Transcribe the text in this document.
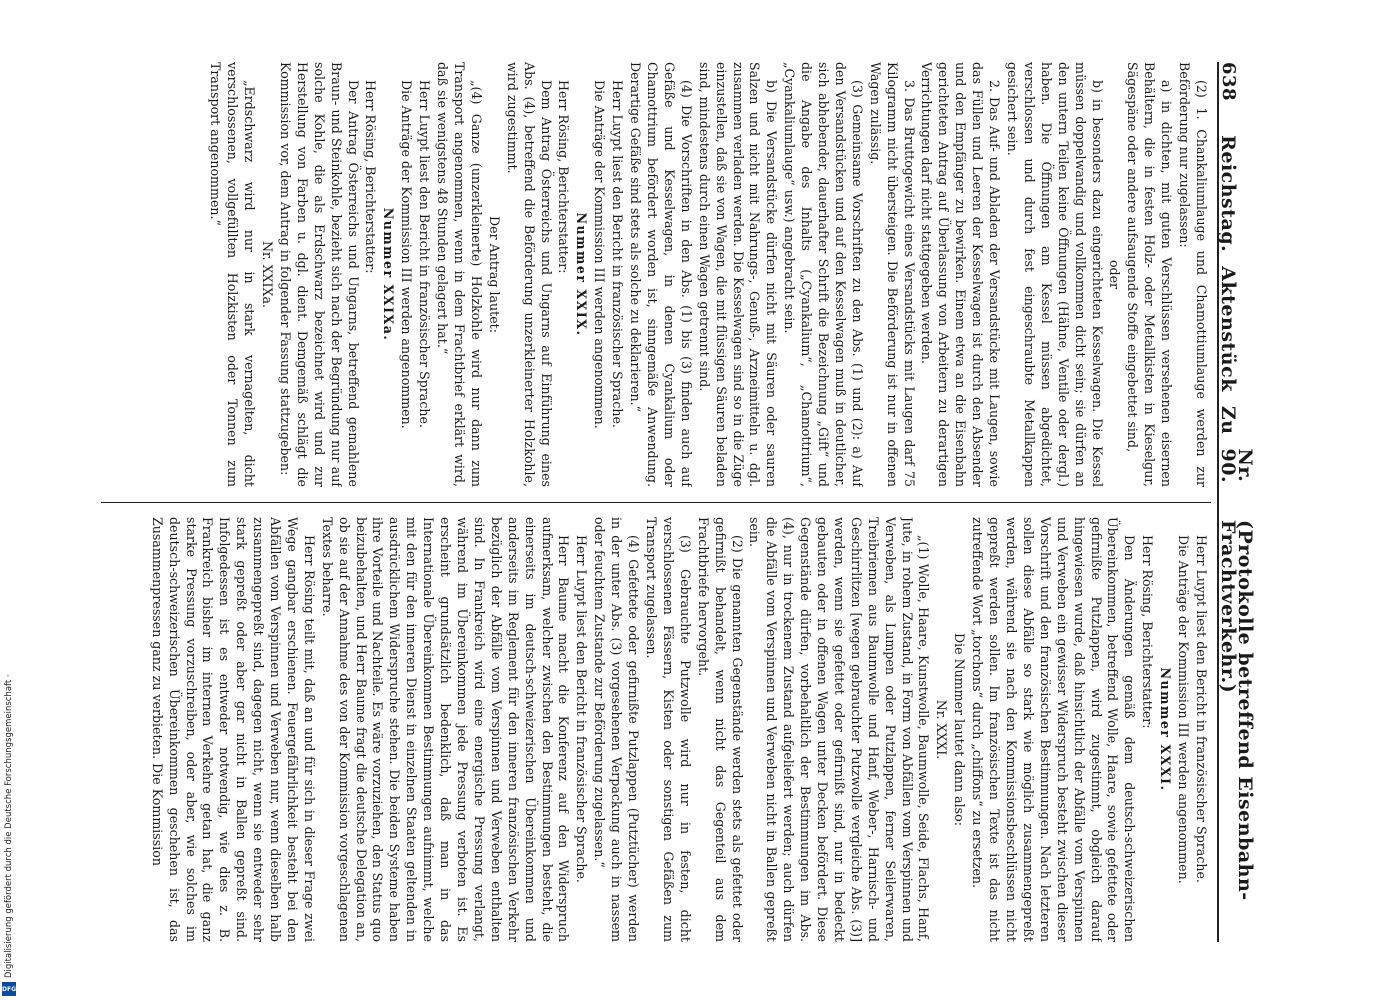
Digitalisierung gefördert durch die Deutsche Forschungsgemeinschaft ·
DFG
638
Reichstag.
Aktenstück
Zu
Nr. 90.
(Protokolle betreffend Eisenbahn-Frachtverkehr.)

(2) 1. Chankaliumlauge und Chamottiumlauge werden zur Beförderung nur zugelassen:

a) in dichten, mit guten Verschlüssen versehenen eisernen Behältern, die in festen Holz- oder Metallkisten in Kieselgur, Sägespäne oder andere aufsaugende Stoffe eingebettet sind,

oder

b) in besonders dazu eingerichteten Kesselwagen. Die Kessel müssen doppelwandig und vollkommen dicht sein; sie dürfen an den untern Teilen keine Öffnungen (Hähne, Ventile oder dergl.) haben. Die Öffnungen am Kessel müssen abgedichtet, verschlossen und durch fest eingeschraubte Metallkappen gesichert sein.

2. Das Auf- und Abladen der Versandstücke mit Laugen, sowie das Füllen und Leeren der Kesselwagen ist durch den Absender und den Empfänger zu bewirken. Einem etwa an die Eisenbahn gerichteten Antrag auf Überlassung von Arbeitern zu derartigen Verrichtungen darf nicht stattgegeben werden.

3. Das Bruttogewicht eines Versandstücks mit Laugen darf 75 Kilogramm nicht übersteigen. Die Beförderung ist nur in offenen Wagen zulässig.

(3) Gemeinsame Vorschriften zu den Abs. (1) und (2): a) Auf den Versandstücken und auf den Kesselwagen muß in deutlicher, sich abhebender, dauerhafter Schrift die Bezeichnung „Gift“ und die Angabe des Inhalts („Cyankalium“, „Chamottrium“, „Cyankaliumlauge“ usw.) angebracht sein.

b) Die Versandstücke dürfen nicht mit Säuren oder sauren Salzen und nicht mit Nahrungs-, Genuß-, Arzneimitteln u. dgl. zusammen verladen werden. Die Kesselwagen sind so in die Züge einzustellen, daß sie von Wagen, die mit flüssigen Säuren beladen sind, mindestens durch einen Wagen getrennt sind.

(4) Die Vorschriften in den Abs. (1) bis (3) finden auch auf Gefäße und Kesselwagen, in denen Cyankalium oder Chamottrium befördert worden ist, sinngemäße Anwendung. Derartige Gefäße sind stets als solche zu deklarieren.“

Herr Luypt liest den Bericht in französischer Sprache.

Die Anträge der Kommission III werden angenommen.

Nummer XXIX.

Herr Rösing, Berichterstatter:

Dem Antrag Österreichs und Ungarns auf Einführung eines Abs. (4), betreffend die Beförderung unzerkleinerter Holzkohle, wird zugestimmt.

Der Antrag lautet:

„(4) Ganze (unzerkleinerte) Holzkohle wird nur dann zum Transport angenommen, wenn in dem Frachtbrief erklärt wird, daß sie wenigstens 48 Stunden gelagert hat.“

Herr Luypt liest den Bericht in französischer Sprache.

Die Anträge der Kommission III werden angenommen.

Nummer XXIXa.

Herr Rösing, Berichterstatter:

Der Antrag Österreichs und Ungarns, betreffend gemahlene Braun- und Steinkohle, bezieht sich nach der Begründung nur auf solche Kohle, die als Erdschwarz bezeichnet wird und zur Herstellung von Farben u. dgl. dient. Demgemäß schlägt die Kommission vor, dem Antrag in folgender Fassung stattzugeben:

Nr. XXIXa.

„Erdschwarz wird nur in stark vernagelten, dicht verschlossenen, vollgefüllten Holzkisten oder Tonnen zum Transport angenommen.“

Herr Luypt liest den Bericht in französischer Sprache.

Die Anträge der Kommission III werden angenommen.

Nummer XXXI.

Herr Rösing, Berichterstatter:

Den Änderungen gemäß dem deutsch-schweizerischen Übereinkommen, betreffend Wolle, Haare, sowie gefettete oder gefirnißte Putzlappen, wird zugestimmt, obgleich darauf hingewiesen wurde, daß hinsichtlich der Abfälle vom Verspinnen und Verweben ein gewisser Widerspruch besteht zwischen dieser Vorschrift und den französischen Bestimmungen. Nach letzteren sollen diese Abfälle so stark wie möglich zusammengepreßt werden, während sie nach den Kommissionsbeschlüssen nicht gepreßt werden sollen. Im französischen Texte ist das nicht zutreffende Wort „torchons“ durch „chiffons“ zu ersetzen.

Die Nummer lautet dann also:

Nr. XXXI.

„(1) Wolle, Haare, Kunstwolle, Baumwolle, Seide, Flachs, Hanf, Jute, in rohem Zustand, in Form von Abfällen vom Verspinnen und Verweben, als Lumpen oder Putzlappen, ferner Seilerwaren, Treibriemen aus Baumwolle und Hanf, Weber-, Harnisch- und Geschirrlitzen [wegen gebrauchter Putzwolle vergleiche Abs. (3)] werden, wenn sie gefettet oder gefirnißt sind, nur in bedeckt gebauten oder in offenen Wagen unter Decken befördert. Diese Gegenstände dürfen, vorbehaltlich der Bestimmungen im Abs. (4), nur in trockenem Zustand aufgeliefert werden; auch dürfen die Abfälle vom Verspinnen und Verweben nicht in Ballen gepreßt sein.

(2) Die genannten Gegenstände werden stets als gefettet oder gefirnißt behandelt, wenn nicht das Gegenteil aus dem Frachtbriefe hervorgeht.

(3) Gebrauchte Putzwolle wird nur in festen, dicht verschlossenen Fässern, Kisten oder sonstigen Gefäßen zum Transport zugelassen.

(4) Gefettete oder gefirnißte Putzlappen (Putztücher) werden in der unter Abs. (3) vorgesehenen Verpackung auch in nassem oder feuchtem Zustande zur Beförderung zugelassen.“

Herr Luypt liest den Bericht in französischer Sprache.

Herr Baume macht die Konferenz auf den Widerspruch aufmerksam, welcher zwischen den Bestimmungen besteht, die einerseits im deutsch-schweizerischen Übereinkommen und anderseits im Reglement für den inneren französischen Verkehr bezüglich der Abfälle vom Verspinnen und Verweben enthalten sind. In Frankreich wird eine energische Pressung verlangt, während im Übereinkommen jede Pressung verboten ist. Es erscheint grundsätzlich bedenklich, daß man in das Internationale Übereinkommen Bestimmungen aufnimmt, welche mit den für den inneren Dienst in einzelnen Staaten geltenden in ausdrücklichem Widerspruche stehen. Die beiden Systeme haben ihre Vorteile und Nachteile. Es wäre vorzuziehen, den Status quo beizubehalten, und Herr Baume fragt die deutsche Delegation an, ob sie auf der Annahme des von der Kommission vorgeschlagenen Textes beharre.

Herr Rösing teilt mit, daß an und für sich in dieser Frage zwei Wege gangbar erschienen. Feuergefährlichkeit besteht bei den Abfällen vom Verspinnen und Verweben nur, wenn dieselben halb zusammengepreßt sind, dagegen nicht, wenn sie entweder sehr stark gepreßt oder aber gar nicht in Ballen gepreßt sind. Infolgedessen ist es entweder notwendig, wie dies z. B. Frankreich bisher im internen Verkehre getan hat, die ganz starke Pressung vorzuschreiben, oder aber, wie solches im deutsch-schweizerischen Übereinkommen geschehen ist, das Zusammenpressen ganz zu verbieten. Die Kommission
